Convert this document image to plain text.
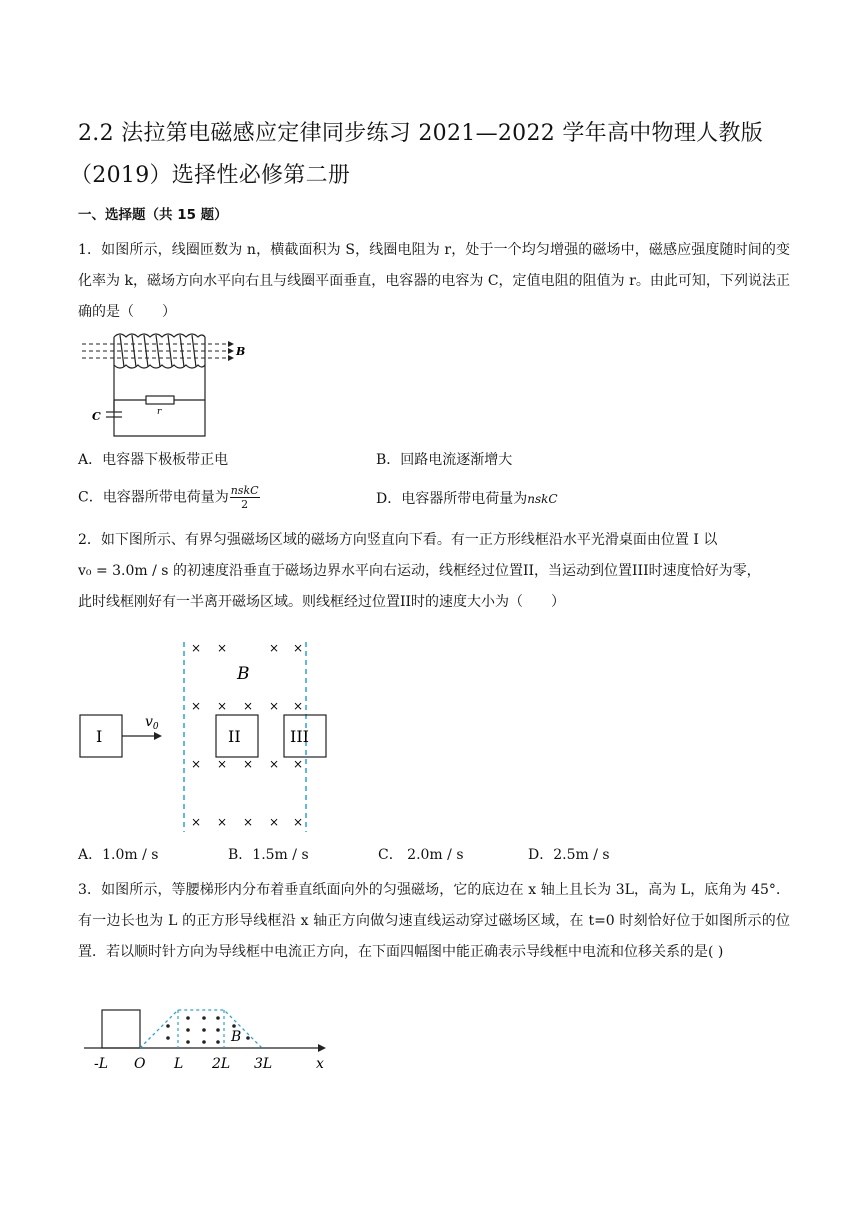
2.2 法拉第电磁感应定律同步练习 2021—2022 学年高中物理人教版
（2019）选择性必修第二册
一、选择题（共 15 题）
1．如图所示，线圈匝数为 n，横截面积为 S，线圈电阻为 r，处于一个均匀增强的磁场中，磁感应强度随时间的变化率为 k，磁场方向水平向右且与线圈平面垂直，电容器的电容为 C，定值电阻的阻值为 r。由此可知，下列说法正确的是（　　）
B
C	r
A．电容器下极板带正电	B．回路电流逐渐增大
C．电容器所带电荷量为 $\frac{\text{nskC}}{2}$	D．电容器所带电荷量为nskC
2．如下图所示、有界匀强磁场区域的磁场方向竖直向下看。有一正方形线框沿水平光滑桌面由位置 I 以
v₀ = 3.0m / s 的初速度沿垂直于磁场边界水平向右运动，线框经过位置II，当运动到位置III时速度恰好为零，
此时线框刚好有一半离开磁场区域。则线框经过位置II时的速度大小为（　　）
I
$v_0$	II	III
B
× ×	× ×
× × × × ×
× × × × ×
× × × × ×
A．1.0m / s	B．1.5m / s	C． 2.0m / s	D．2.5m / s
3．如图所示，等腰梯形内分布着垂直纸面向外的匀强磁场，它的底边在 x 轴上且长为 3L，高为 L，底角为 45°．有一边长也为 L 的正方形导线框沿 x 轴正方向做匀速直线运动穿过磁场区域，在 t=0 时刻恰好位于如图所示的位置．若以顺时针方向为导线框中电流正方向，在下面四幅图中能正确表示导线框中电流和位移关系的是( )
B
-L O L 2L 3L	x
